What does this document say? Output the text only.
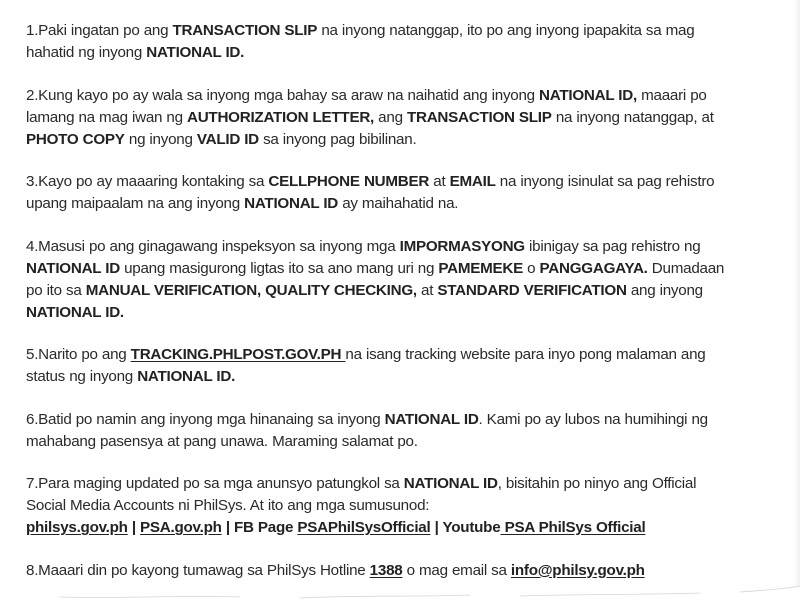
1.Paki ingatan po ang TRANSACTION SLIP na inyong natanggap, ito po ang inyong ipapakita sa mag
hahatid ng inyong NATIONAL ID.

2.Kung kayo po ay wala sa inyong mga bahay sa araw na naihatid ang inyong NATIONAL ID, maaari po
lamang na mag iwan ng AUTHORIZATION LETTER, ang TRANSACTION SLIP na inyong natanggap, at
PHOTO COPY ng inyong VALID ID sa inyong pag bibilinan.

3.Kayo po ay maaaring kontaking sa CELLPHONE NUMBER at EMAIL na inyong isinulat sa pag rehistro
upang maipaalam na ang inyong NATIONAL ID ay maihahatid na.

4.Masusi po ang ginagawang inspeksyon sa inyong mga IMPORMASYONG ibinigay sa pag rehistro ng
NATIONAL ID upang masigurong ligtas ito sa ano mang uri ng PAMEMEKE o PANGGAGAYA. Dumadaan
po ito sa MANUAL VERIFICATION, QUALITY CHECKING, at STANDARD VERIFICATION ang inyong
NATIONAL ID.

5.Narito po ang TRACKING.PHLPOST.GOV.PH na isang tracking website para inyo pong malaman ang
status ng inyong NATIONAL ID.

6.Batid po namin ang inyong mga hinanaing sa inyong NATIONAL ID. Kami po ay lubos na humihingi ng
mahabang pasensya at pang unawa. Maraming salamat po.

7.Para maging updated po sa mga anunsyo patungkol sa NATIONAL ID, bisitahin po ninyo ang Official
Social Media Accounts ni PhilSys. At ito ang mga sumusunod:
philsys.gov.ph | PSA.gov.ph | FB Page PSAPhilSysOfficial | Youtube PSA PhilSys Official

8.Maaari din po kayong tumawag sa PhilSys Hotline 1388 o mag email sa info@philsy.gov.ph
